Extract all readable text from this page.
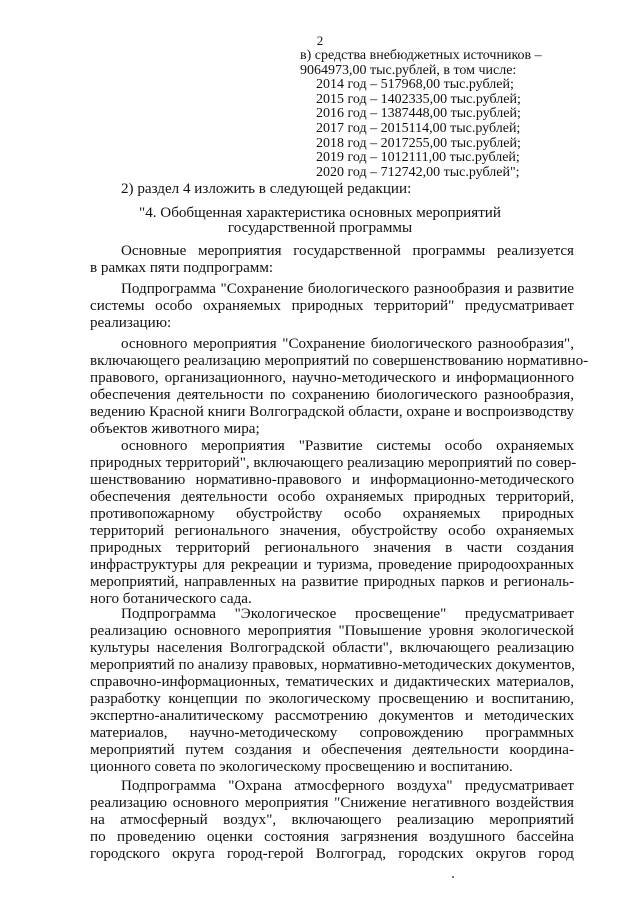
2
в) средства внебюджетных источников –
9064973,00 тыс.рублей, в том числе:
2014 год – 517968,00 тыс.рублей;
2015 год – 1402335,00 тыс.рублей;
2016 год – 1387448,00 тыс.рублей;
2017 год – 2015114,00 тыс.рублей;
2018 год – 2017255,00 тыс.рублей;
2019 год – 1012111,00 тыс.рублей;
2020 год – 712742,00 тыс.рублей";
2) раздел 4 изложить в следующей редакции:
"4. Обобщенная характеристика основных мероприятий
государственной программы
Основные мероприятия государственной программы реализуется
в рамках пяти подпрограмм:
Подпрограмма "Сохранение биологического разнообразия и развитие
системы особо охраняемых природных территорий" предусматривает
реализацию:
основного мероприятия "Сохранение биологического разнообразия",
включающего реализацию мероприятий по совершенствованию нормативно-
правового, организационного, научно-методического и информационного
обеспечения деятельности по сохранению биологического разнообразия,
ведению Красной книги Волгоградской области, охране и воспроизводству
объектов животного мира;
основного мероприятия "Развитие системы особо охраняемых
природных территорий", включающего реализацию мероприятий по совер-
шенствованию нормативно-правового и информационно-методического
обеспечения деятельности особо охраняемых природных территорий,
противопожарному обустройству особо охраняемых природных
территорий регионального значения, обустройству особо охраняемых
природных территорий регионального значения в части создания
инфраструктуры для рекреации и туризма, проведение природоохранных
мероприятий, направленных на развитие природных парков и региональ-
ного ботанического сада.
Подпрограмма "Экологическое просвещение" предусматривает
реализацию основного мероприятия "Повышение уровня экологической
культуры населения Волгоградской области", включающего реализацию
мероприятий по анализу правовых, нормативно-методических документов,
справочно-информационных, тематических и дидактических материалов,
разработку концепции по экологическому просвещению и воспитанию,
экспертно-аналитическому рассмотрению документов и методических
материалов, научно-методическому сопровождению программных
мероприятий путем создания и обеспечения деятельности координа-
ционного совета по экологическому просвещению и воспитанию.
Подпрограмма "Охрана атмосферного воздуха" предусматривает
реализацию основного мероприятия "Снижение негативного воздействия
на атмосферный воздух", включающего реализацию мероприятий
по проведению оценки состояния загрязнения воздушного бассейна
городского округа город-герой Волгоград, городских округов город
